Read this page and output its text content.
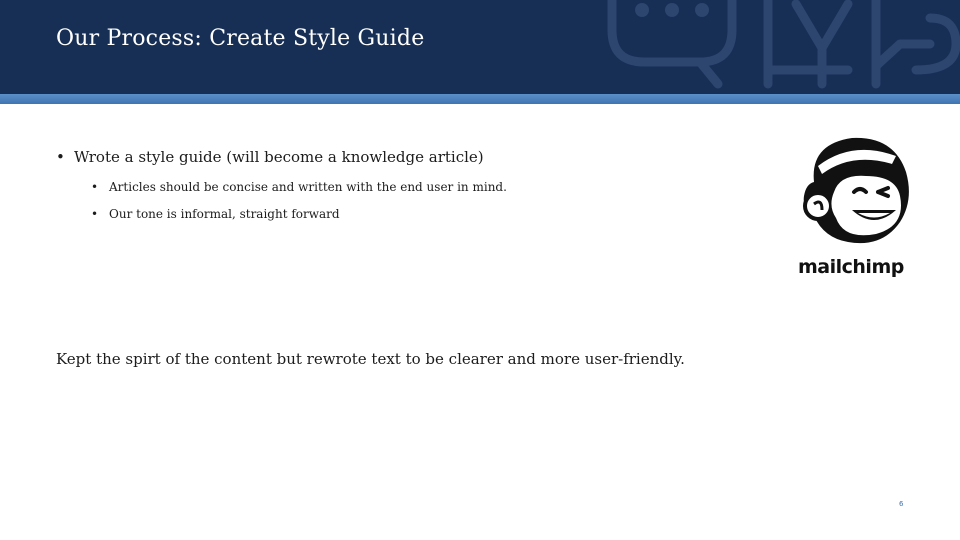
Our Process: Create Style Guide
• Wrote a style guide (will become a knowledge article)
• Articles should be concise and written with the end user in mind.
• Our tone is informal, straight forward
Kept the spirt of the content but rewrote text to be clearer and more user-friendly.
mailchimp
6
